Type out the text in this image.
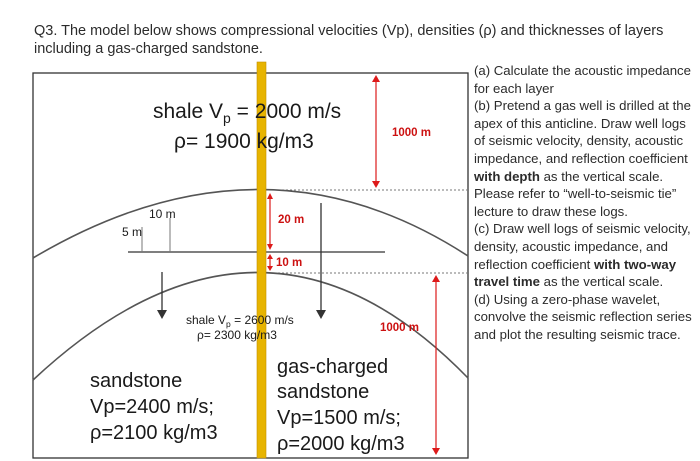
Q3. The model below shows compressional velocities (Vp), densities (ρ) and thicknesses of layers
including a gas-charged sandstone.
1000 m
1000 m
20 m
10 m
10 m
5 m
shale $V_p = 2000$ m/s
ρ= 1900 kg/m3
shale $V_p = 2600$ m/s
ρ= 2300 kg/m3
sandstone
Vp=2400 m/s;
ρ=2100 kg/m3
gas-charged
sandstone
Vp=1500 m/s;
ρ=2000 kg/m3
(a) Calculate the acoustic impedance for each layer
(b) Pretend a gas well is drilled at the apex of this anticline. Draw well logs of seismic velocity, density, acoustic impedance, and reflection coefficient with depth as the vertical scale. Please refer to “well-to-seismic tie” lecture to draw these logs.
(c) Draw well logs of seismic velocity, density, acoustic impedance, and reflection coefficient with two-way travel time as the vertical scale.
(d) Using a zero-phase wavelet, convolve the seismic reflection series and plot the resulting seismic trace.
